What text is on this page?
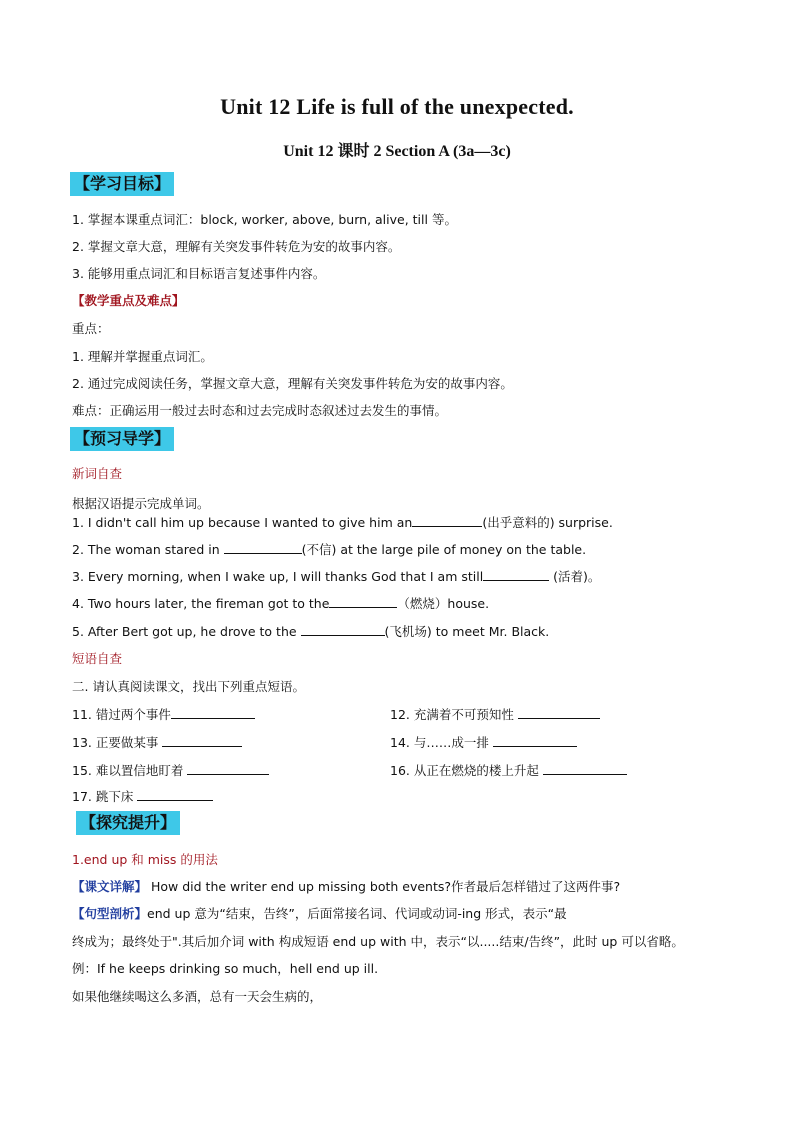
Unit 12 Life is full of the unexpected.
Unit 12 课时 2 Section A (3a—3c)
【学习目标】
1. 掌握本课重点词汇：block, worker, above, burn, alive, till 等。
2. 掌握文章大意，理解有关突发事件转危为安的故事内容。
3. 能够用重点词汇和目标语言复述事件内容。
【教学重点及难点】
重点：
1. 理解并掌握重点词汇。
2. 通过完成阅读任务，掌握文章大意，理解有关突发事件转危为安的故事内容。
难点：正确运用一般过去时态和过去完成时态叙述过去发生的事情。
【预习导学】
新词自查
根据汉语提示完成单词。
1. I didn't call him up because I wanted to give him an	(出乎意料的) surprise.
2. The woman stared in	(不信) at the large pile of money on the table.
3. Every morning, when I wake up, I will thanks God that I am still	(活着)。
4. Two hours later, the fireman got to the	（燃烧）house.
5. After Bert got up, he drove to the	(飞机场) to meet Mr. Black.
短语自查
二. 请认真阅读课文，找出下列重点短语。
11. 错过两个事件	12. 充满着不可预知性
13. 正要做某事	14. 与……成一排
15. 难以置信地盯着	16. 从正在燃烧的楼上升起
17. 跳下床
【探究提升】
1.end up 和 miss 的用法
【课文详解】 How did the writer end up missing both events?作者最后怎样错过了这两件事?
【句型剖析】end up 意为“结束，告终”，后面常接名词、代词或动词-ing 形式，表示“最
终成为；最终处于".其后加介词 with 构成短语 end up with 中，表示“以.....结束/告终”，此时 up 可以省略。
例：If he keeps drinking so much，hell end up ill.
如果他继续喝这么多酒，总有一天会生病的，
